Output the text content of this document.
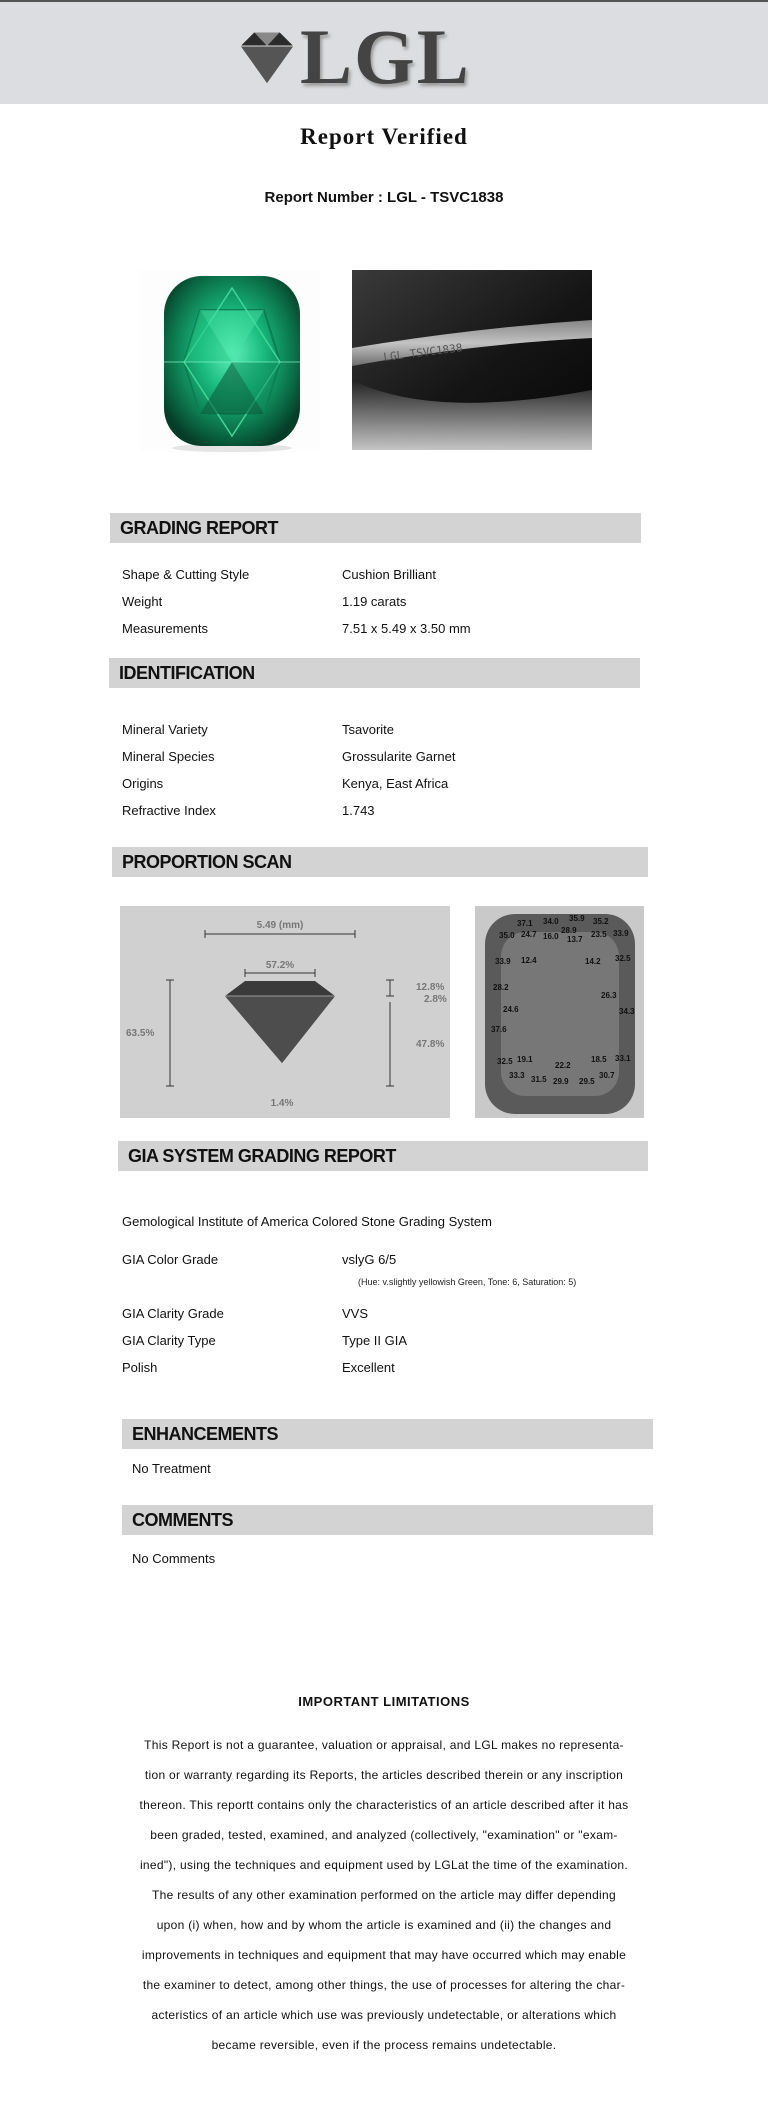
LGL
Report Verified
Report Number : LGL - TSVC1838
LGL TSVC1838
GRADING REPORT
Shape & Cutting Style	Cushion Brilliant
Weight	1.19 carats
Measurements	7.51 x 5.49 x 3.50 mm
IDENTIFICATION
Mineral Variety	Tsavorite
Mineral Species	Grossularite Garnet
Origins	Kenya, East Africa
Refractive Index	1.743
PROPORTION SCAN
5.49 (mm)
57.2%
63.5%
12.8%
2.8%
47.8%
1.4%
37.1 34.0 35.9 35.2
28.9
35.0 24.7 16.0 13.7
23.5 33.9
33.9 12.4	14.2 32.5
28.2
26.3
24.6	34.3
37.6
32.5 19.1	18.5 33.1
22.2
33.3 31.5 29.9 29.5
30.7
GIA SYSTEM GRADING REPORT
Gemological Institute of America Colored Stone Grading System
GIA Color Grade	vslyG 6/5
(Hue: v.slightly yellowish Green, Tone: 6, Saturation: 5)
GIA Clarity Grade	VVS
GIA Clarity Type	Type II GIA
Polish	Excellent
ENHANCEMENTS
No Treatment
COMMENTS
No Comments
IMPORTANT LIMITATIONS
This Report is not a guarantee, valuation or appraisal, and LGL makes no representa-
tion or warranty regarding its Reports, the articles described therein or any inscription
thereon. This reportt contains only the characteristics of an article described after it has
been graded, tested, examined, and analyzed (collectively, "examination" or "exam-
ined"), using the techniques and equipment used by LGLat the time of the examination.
The results of any other examination performed on the article may differ depending
upon (i) when, how and by whom the article is examined and (ii) the changes and
improvements in techniques and equipment that may have occurred which may enable
the examiner to detect, among other things, the use of processes for altering the char-
acteristics of an article which use was previously undetectable, or alterations which
became reversible, even if the process remains undetectable.
